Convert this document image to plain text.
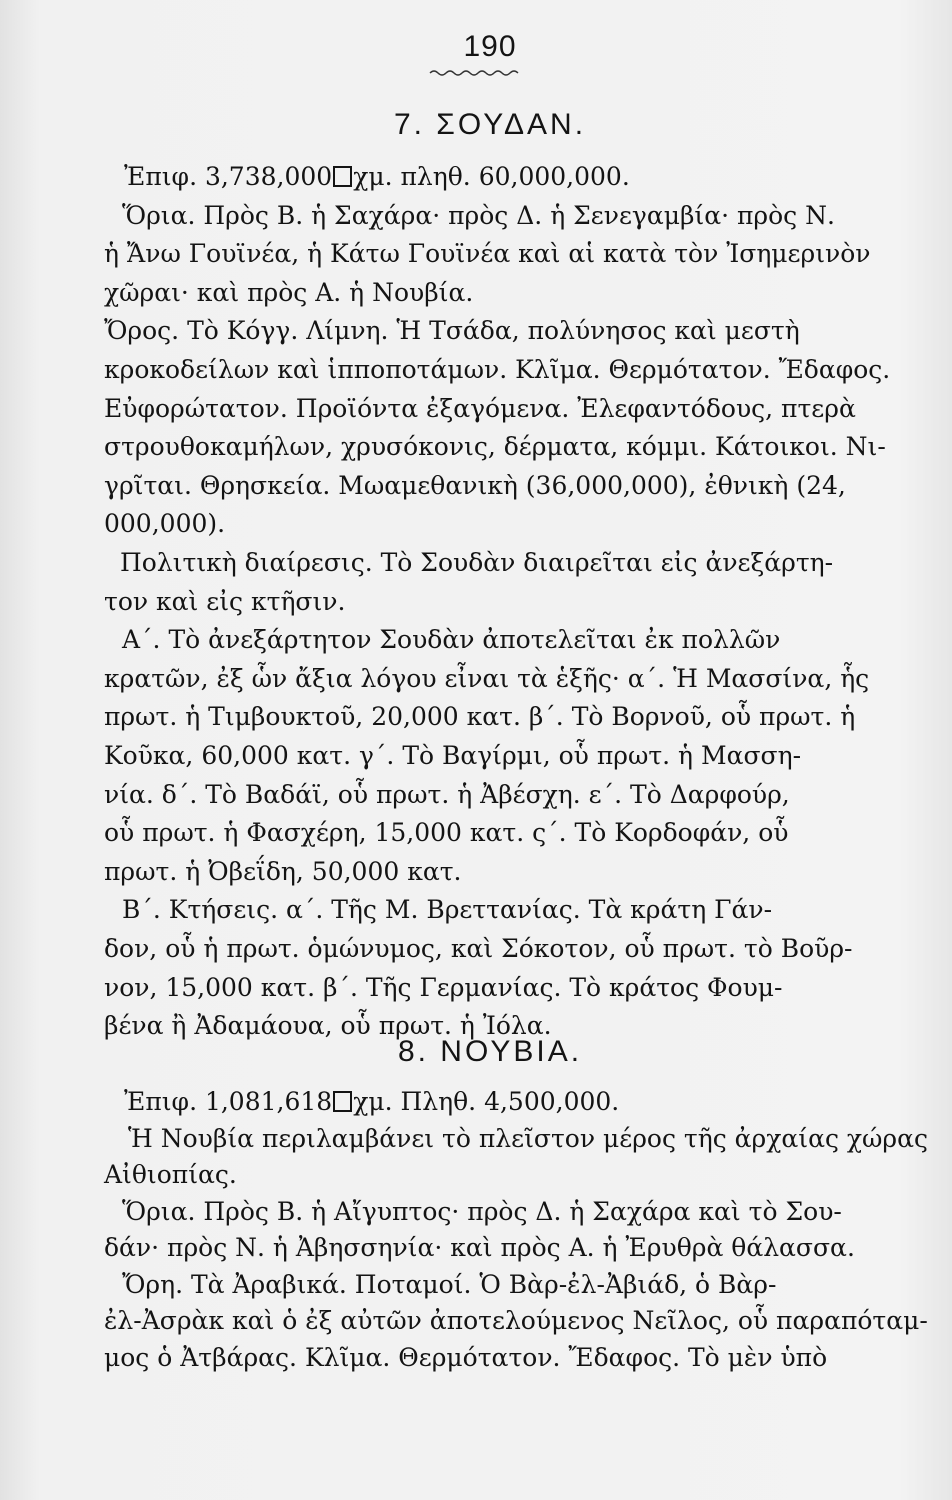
190
7. ΣΟΥΔΑΝ.
Ἐπιφ. 3,738,000 χμ. πληθ. 60,000,000.
Ὅρια. Πρὸς Β. ἡ Σαχάρα· πρὸς Δ. ἡ Σενεγαμβία· πρὸς Ν.
ἡ Ἄνω Γουϊνέα, ἡ Κάτω Γουϊνέα καὶ αἱ κατὰ τὸν Ἰσημερινὸν
χῶραι· καὶ πρὸς Α. ἡ Νουβία.
Ὄρος. Τὸ Κόγγ. Λίμνη. Ἡ Τσάδα, πολύνησος καὶ μεστὴ
κροκοδείλων καὶ ἱπποποτάμων. Κλῖμα. Θερμότατον. Ἔδαφος.
Εὐφορώτατον. Προϊόντα ἐξαγόμενα. Ἐλεφαντόδους, πτερὰ
στρουθοκαμήλων, χρυσόκονις, δέρματα, κόμμι. Κάτοικοι. Νι-
γρῖται. Θρησκεία. Μωαμεθανικὴ (36,000,000), ἐθνικὴ (24,
000,000).
Πολιτικὴ διαίρεσις. Τὸ Σουδὰν διαιρεῖται εἰς ἀνεξάρτη-
τον καὶ εἰς κτῆσιν.
Α΄. Τὸ ἀνεξάρτητον Σουδὰν ἀποτελεῖται ἐκ πολλῶν
κρατῶν, ἐξ ὧν ἄξια λόγου εἶναι τὰ ἑξῆς· α΄. Ἡ Μασσίνα, ἧς
πρωτ. ἡ Τιμβουκτοῦ, 20,000 κατ. β΄. Τὸ Βορνοῦ, οὗ πρωτ. ἡ
Κοῦκα, 60,000 κατ. γ΄. Τὸ Βαγίρμι, οὗ πρωτ. ἡ Μασση-
νία. δ΄. Τὸ Βαδάϊ, οὗ πρωτ. ἡ Ἀβέσχη. ε΄. Τὸ Δαρφούρ,
οὗ πρωτ. ἡ Φασχέρη, 15,000 κατ. ς΄. Τὸ Κορδοφάν, οὗ
πρωτ. ἡ Ὀβεΐδη, 50,000 κατ.
Β΄. Κτήσεις. α΄. Τῆς Μ. Βρεττανίας. Τὰ κράτη Γάν-
δον, οὗ ἡ πρωτ. ὁμώνυμος, καὶ Σόκοτον, οὗ πρωτ. τὸ Βοῦρ-
νον, 15,000 κατ. β΄. Τῆς Γερμανίας. Τὸ κράτος Φουμ-
βένα ἢ Ἀδαμάουα, οὗ πρωτ. ἡ Ἰόλα.
8. ΝΟΥΒΙΑ.
Ἐπιφ. 1,081,618 χμ. Πληθ. 4,500,000.
Ἡ Νουβία περιλαμβάνει τὸ πλεῖστον μέρος τῆς ἀρχαίας χώρας
Αἰθιοπίας.
Ὅρια. Πρὸς Β. ἡ Αἴγυπτος· πρὸς Δ. ἡ Σαχάρα καὶ τὸ Σου-
δάν· πρὸς Ν. ἡ Ἀβησσηνία· καὶ πρὸς Α. ἡ Ἐρυθρὰ θάλασσα.
Ὄρη. Τὰ Ἀραβικά. Ποταμοί. Ὁ Βὰρ-ἐλ-Ἀβιάδ, ὁ Βὰρ-
ἐλ-Ἀσρὰκ καὶ ὁ ἐξ αὐτῶν ἀποτελούμενος Νεῖλος, οὗ παραπόταμ-
μος ὁ Ἀτβάρας. Κλῖμα. Θερμότατον. Ἔδαφος. Τὸ μὲν ὑπὸ
